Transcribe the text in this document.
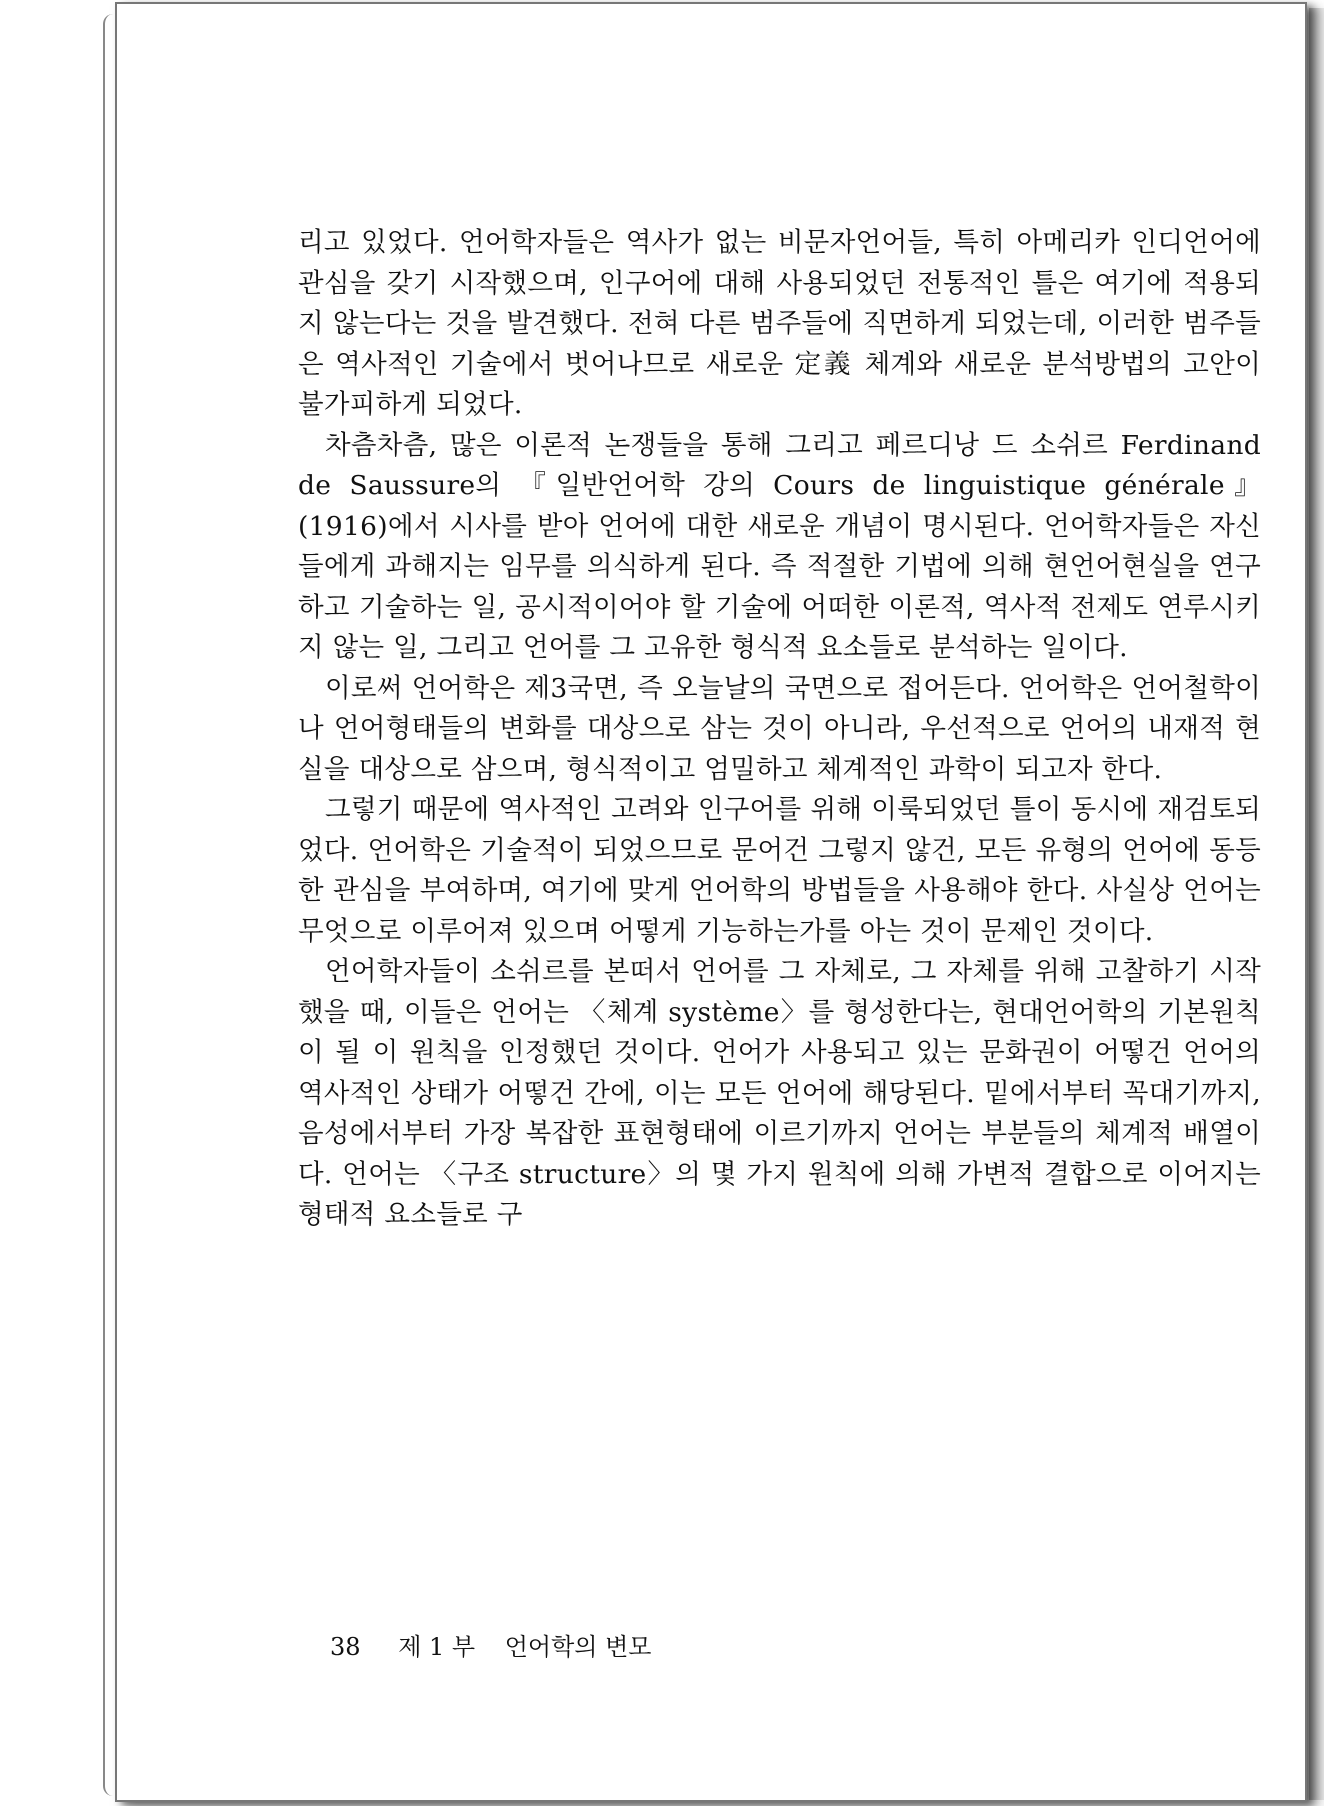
리고 있었다. 언어학자들은 역사가 없는 비문자언어들, 특히 아메리카 인디언어에 관심을 갖기 시작했으며, 인구어에 대해 사용되었던 전통적인 틀은 여기에 적용되지 않는다는 것을 발견했다. 전혀 다른 범주들에 직면하게 되었는데, 이러한 범주들은 역사적인 기술에서 벗어나므로 새로운 定義 체계와 새로운 분석방법의 고안이 불가피하게 되었다.

차츰차츰, 많은 이론적 논쟁들을 통해 그리고 페르디낭 드 소쉬르 Ferdinand de Saussure의 『일반언어학 강의 Cours de linguistique générale』(1916)에서 시사를 받아 언어에 대한 새로운 개념이 명시된다. 언어학자들은 자신들에게 과해지는 임무를 의식하게 된다. 즉 적절한 기법에 의해 현언어현실을 연구하고 기술하는 일, 공시적이어야 할 기술에 어떠한 이론적, 역사적 전제도 연루시키지 않는 일, 그리고 언어를 그 고유한 형식적 요소들로 분석하는 일이다.

이로써 언어학은 제3국면, 즉 오늘날의 국면으로 접어든다. 언어학은 언어철학이나 언어형태들의 변화를 대상으로 삼는 것이 아니라, 우선적으로 언어의 내재적 현실을 대상으로 삼으며, 형식적이고 엄밀하고 체계적인 과학이 되고자 한다.

그렇기 때문에 역사적인 고려와 인구어를 위해 이룩되었던 틀이 동시에 재검토되었다. 언어학은 기술적이 되었으므로 문어건 그렇지 않건, 모든 유형의 언어에 동등한 관심을 부여하며, 여기에 맞게 언어학의 방법들을 사용해야 한다. 사실상 언어는 무엇으로 이루어져 있으며 어떻게 기능하는가를 아는 것이 문제인 것이다.

언어학자들이 소쉬르를 본떠서 언어를 그 자체로, 그 자체를 위해 고찰하기 시작했을 때, 이들은 언어는 〈체계 système〉를 형성한다는, 현대언어학의 기본원칙이 될 이 원칙을 인정했던 것이다. 언어가 사용되고 있는 문화권이 어떻건 언어의 역사적인 상태가 어떻건 간에, 이는 모든 언어에 해당된다. 밑에서부터 꼭대기까지, 음성에서부터 가장 복잡한 표현형태에 이르기까지 언어는 부분들의 체계적 배열이다. 언어는 〈구조 structure〉의 몇 가지 원칙에 의해 가변적 결합으로 이어지는 형태적 요소들로 구

38 제 1 부 언어학의 변모
